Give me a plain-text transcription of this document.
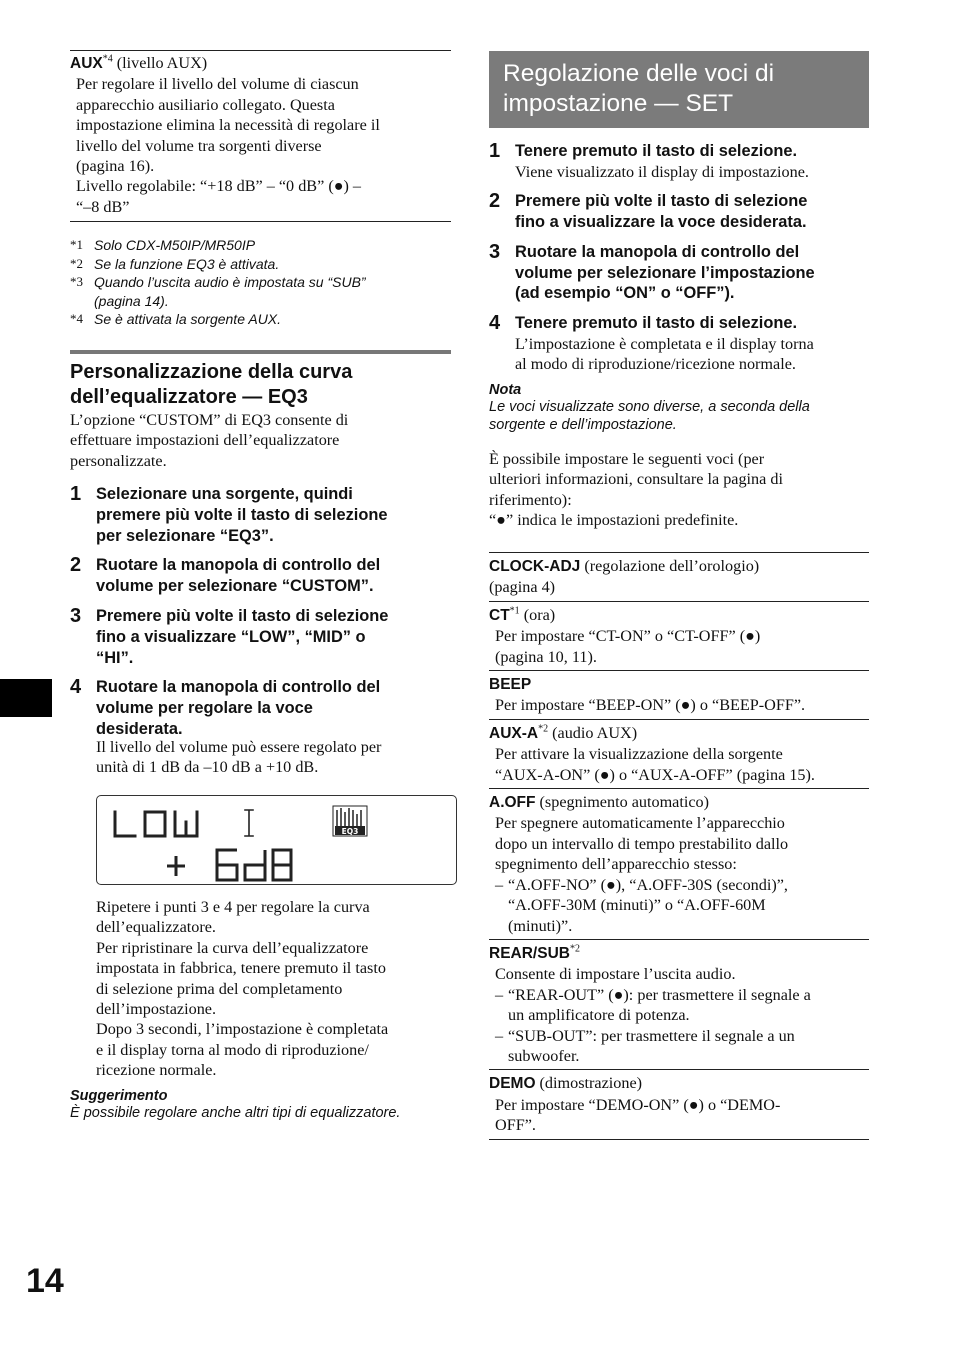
AUX$^{*4}$ (livello AUX)
Per regolare il livello del volume di ciascun
apparecchio ausiliario collegato. Questa
impostazione elimina la necessità di regolare il
livello del volume tra sorgenti diverse
(pagina 16).
Livello regolabile: “+18 dB” – “0 dB” (●) –
“–8 dB”
*1 Solo CDX-M50IP/MR50IP
*2 Se la funzione EQ3 è attivata.
*3 Quando l’uscita audio è impostata su “SUB”
(pagina 14).
*4 Se è attivata la sorgente AUX.
Personalizzazione della curva
dell’equalizzatore — EQ3
L’opzione “CUSTOM” di EQ3 consente di
effettuare impostazioni dell’equalizzatore
personalizzate.
1 Selezionare una sorgente, quindi
premere più volte il tasto di selezione
per selezionare “EQ3”.
2 Ruotare la manopola di controllo del
volume per selezionare “CUSTOM”.
3 Premere più volte il tasto di selezione
fino a visualizzare “LOW”, “MID” o
“HI”.
4 Ruotare la manopola di controllo del
volume per regolare la voce
desiderata.
Il livello del volume può essere regolato per
unità di 1 dB da –10 dB a +10 dB.
EQ3
Ripetere i punti 3 e 4 per regolare la curva
dell’equalizzatore.
Per ripristinare la curva dell’equalizzatore
impostata in fabbrica, tenere premuto il tasto
di selezione prima del completamento
dell’impostazione.
Dopo 3 secondi, l’impostazione è completata
e il display torna al modo di riproduzione/
ricezione normale.
Suggerimento
È possibile regolare anche altri tipi di equalizzatore.
Regolazione delle voci di
impostazione — SET
1 Tenere premuto il tasto di selezione.
Viene visualizzato il display di impostazione.
2 Premere più volte il tasto di selezione
fino a visualizzare la voce desiderata.
3 Ruotare la manopola di controllo del
volume per selezionare l’impostazione
(ad esempio “ON” o “OFF”).
4 Tenere premuto il tasto di selezione.
L’impostazione è completata e il display torna
al modo di riproduzione/ricezione normale.
Nota
Le voci visualizzate sono diverse, a seconda della
sorgente e dell’impostazione.
È possibile impostare le seguenti voci (per
ulteriori informazioni, consultare la pagina di
riferimento):
“●” indica le impostazioni predefinite.
CLOCK-ADJ (regolazione dell’orologio)
(pagina 4)
CT$^{*1}$ (ora)
Per impostare “CT-ON” o “CT-OFF” (●)
(pagina 10, 11).
BEEP
Per impostare “BEEP-ON” (●) o “BEEP-OFF”.
AUX-$A^{*2}$ (audio AUX)
Per attivare la visualizzazione della sorgente
“AUX-A-ON” (●) o “AUX-A-OFF” (pagina 15).
A.OFF (spegnimento automatico)
Per spegnere automaticamente l’apparecchio
dopo un intervallo di tempo prestabilito dallo
spegnimento dell’apparecchio stesso:
– “A.OFF-NO” (●), “A.OFF-30S (secondi)”,
“A.OFF-30M (minuti)” o “A.OFF-60M
(minuti)”.
REAR/SUB$^{*2}$
Consente di impostare l’uscita audio.
– “REAR-OUT” (●): per trasmettere il segnale a
un amplificatore di potenza.
– “SUB-OUT”: per trasmettere il segnale a un
subwoofer.
DEMO (dimostrazione)
Per impostare “DEMO-ON” (●) o “DEMO-
OFF”.
14
